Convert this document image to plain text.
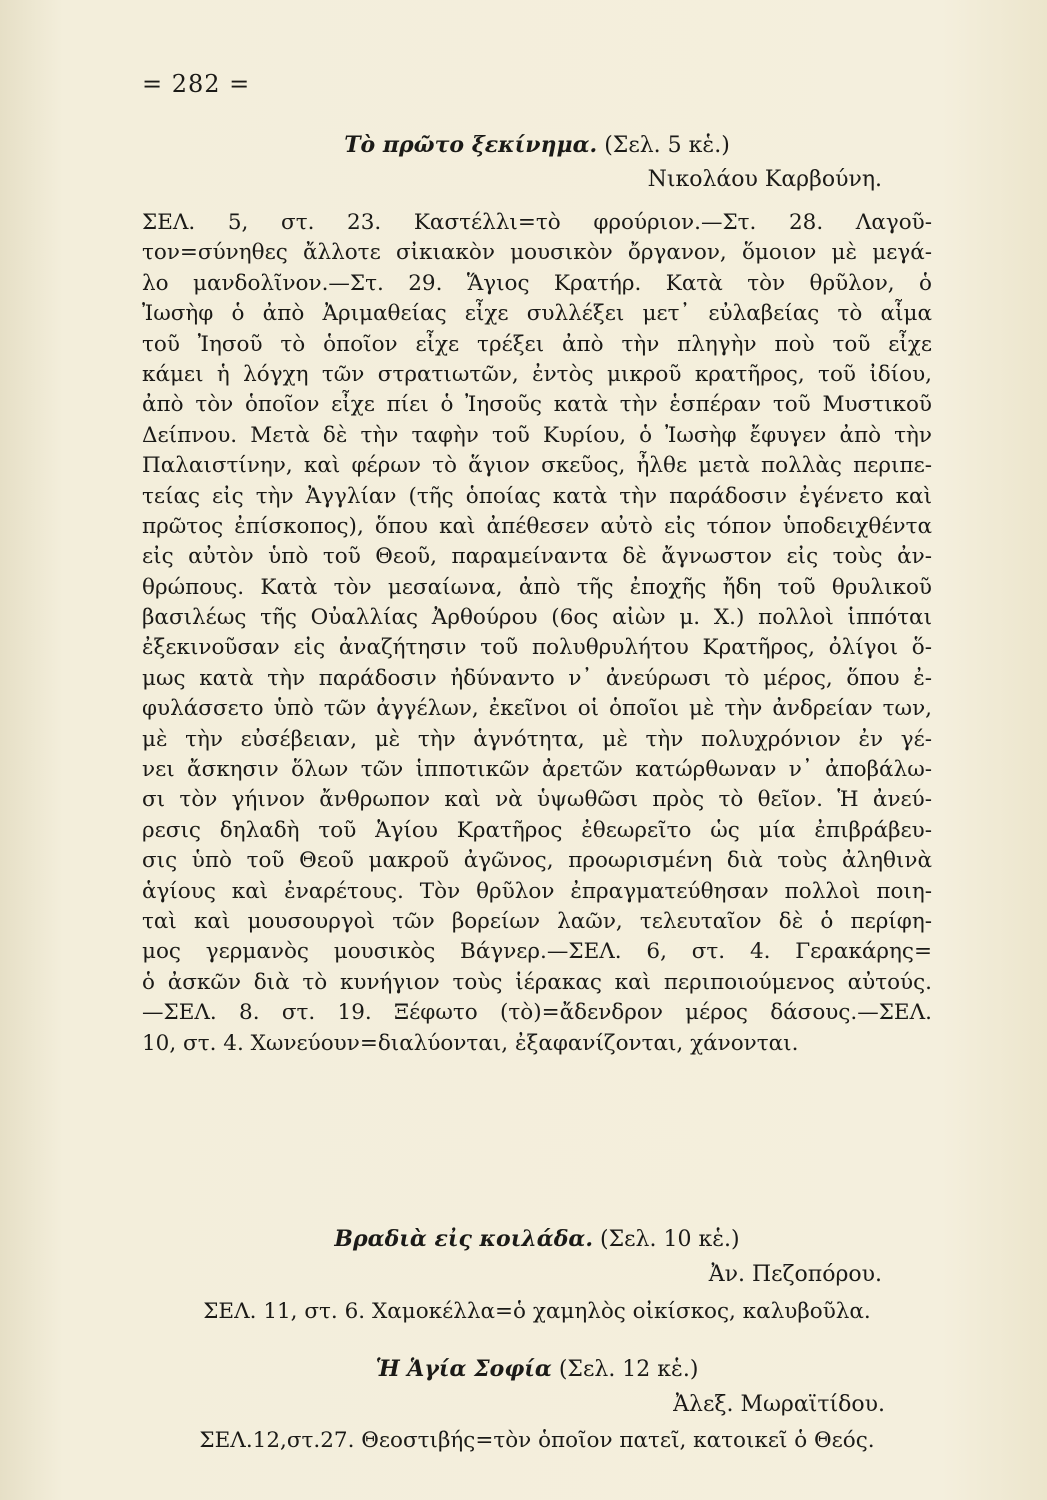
= 282 =
Τὸ πρῶτο ξεκίνημα. (Σελ. 5 κἑ.)
Νικολάου Καρβούνη.
ΣΕΛ. 5, στ. 23. Καστέλλι=τὸ φρούριον.—Στ. 28. Λαγοῦ-
τον=σύνηθες ἄλλοτε σἰκιακὸν μουσικὸν ὄργανον, ὅμοιον μὲ μεγά-
λο μανδολῖνον.—Στ. 29. Ἅγιος Κρατήρ. Κατὰ τὸν θρῦλον, ὁ
Ἰωσὴφ ὁ ἀπὸ Ἀριμαθείας εἶχε συλλέξει μετ᾽ εὐλαβείας τὸ αἷμα
τοῦ Ἰησοῦ τὸ ὁποῖον εἶχε τρέξει ἀπὸ τὴν πληγὴν ποὺ τοῦ εἶχε
κάμει ἡ λόγχη τῶν στρατιωτῶν, ἐντὸς μικροῦ κρατῆρος, τοῦ ἰδίου,
ἀπὸ τὸν ὁποῖον εἶχε πίει ὁ Ἰησοῦς κατὰ τὴν ἑσπέραν τοῦ Μυστικοῦ
Δείπνου. Μετὰ δὲ τὴν ταφὴν τοῦ Κυρίου, ὁ Ἰωσὴφ ἔφυγεν ἀπὸ τὴν
Παλαιστίνην, καὶ φέρων τὸ ἅγιον σκεῦος, ἦλθε μετὰ πολλὰς περιπε-
τείας εἰς τὴν Ἀγγλίαν (τῆς ὁποίας κατὰ τὴν παράδοσιν ἐγένετο καὶ
πρῶτος ἐπίσκοπος), ὅπου καὶ ἀπέθεσεν αὐτὸ εἰς τόπον ὑποδειχθέντα
εἰς αὐτὸν ὑπὸ τοῦ Θεοῦ, παραμείναντα δὲ ἄγνωστον εἰς τοὺς ἀν-
θρώπους. Κατὰ τὸν μεσαίωνα, ἀπὸ τῆς ἐποχῆς ἤδη τοῦ θρυλικοῦ
βασιλέως τῆς Οὐαλλίας Ἀρθούρου (6ος αἰὼν μ. Χ.) πολλοὶ ἱππόται
ἐξεκινοῦσαν εἰς ἀναζήτησιν τοῦ πολυθρυλήτου Κρατῆρος, ὀλίγοι ὅ-
μως κατὰ τὴν παράδοσιν ἠδύναντο ν᾽ ἀνεύρωσι τὸ μέρος, ὅπου ἐ-
φυλάσσετο ὑπὸ τῶν ἀγγέλων, ἐκεῖνοι οἱ ὁποῖοι μὲ τὴν ἀνδρείαν των,
μὲ τὴν εὐσέβειαν, μὲ τὴν ἁγνότητα, μὲ τὴν πολυχρόνιον ἐν γέ-
νει ἄσκησιν ὅλων τῶν ἱπποτικῶν ἀρετῶν κατώρθωναν ν᾽ ἀποβάλω-
σι τὸν γήινον ἄνθρωπον καὶ νὰ ὑψωθῶσι πρὸς τὸ θεῖον. Ἡ ἀνεύ-
ρεσις δηλαδὴ τοῦ Ἁγίου Κρατῆρος ἐθεωρεῖτο ὡς μία ἐπιβράβευ-
σις ὑπὸ τοῦ Θεοῦ μακροῦ ἀγῶνος, προωρισμένη διὰ τοὺς ἀληθινὰ
ἁγίους καὶ ἐναρέτους. Τὸν θρῦλον ἐπραγματεύθησαν πολλοὶ ποιη-
ταὶ καὶ μουσουργοὶ τῶν βορείων λαῶν, τελευταῖον δὲ ὁ περίφη-
μος γερμανὸς μουσικὸς Βάγνερ.—ΣΕΛ. 6, στ. 4. Γερακάρης=
ὁ ἀσκῶν διὰ τὸ κυνήγιον τοὺς ἱέρακας καὶ περιποιούμενος αὐτούς.
—ΣΕΛ. 8. στ. 19. Ξέφωτο (τὸ)=ἄδενδρον μέρος δάσους.—ΣΕΛ.
10, στ. 4. Χωνεύουν=διαλύονται, ἐξαφανίζονται, χάνονται.
Βραδιὰ εἰς κοιλάδα. (Σελ. 10 κἑ.)
Ἀν. Πεζοπόρου.
ΣΕΛ. 11, στ. 6. Χαμοκέλλα=ὁ χαμηλὸς οἰκίσκος, καλυβοῦλα.
Ἡ Ἁγία Σοφία (Σελ. 12 κἑ.)
Ἀλεξ. Μωραϊτίδου.
ΣΕΛ.12,στ.27. Θεοστιβής=τὸν ὁποῖον πατεῖ, κατοικεῖ ὁ Θεός.
